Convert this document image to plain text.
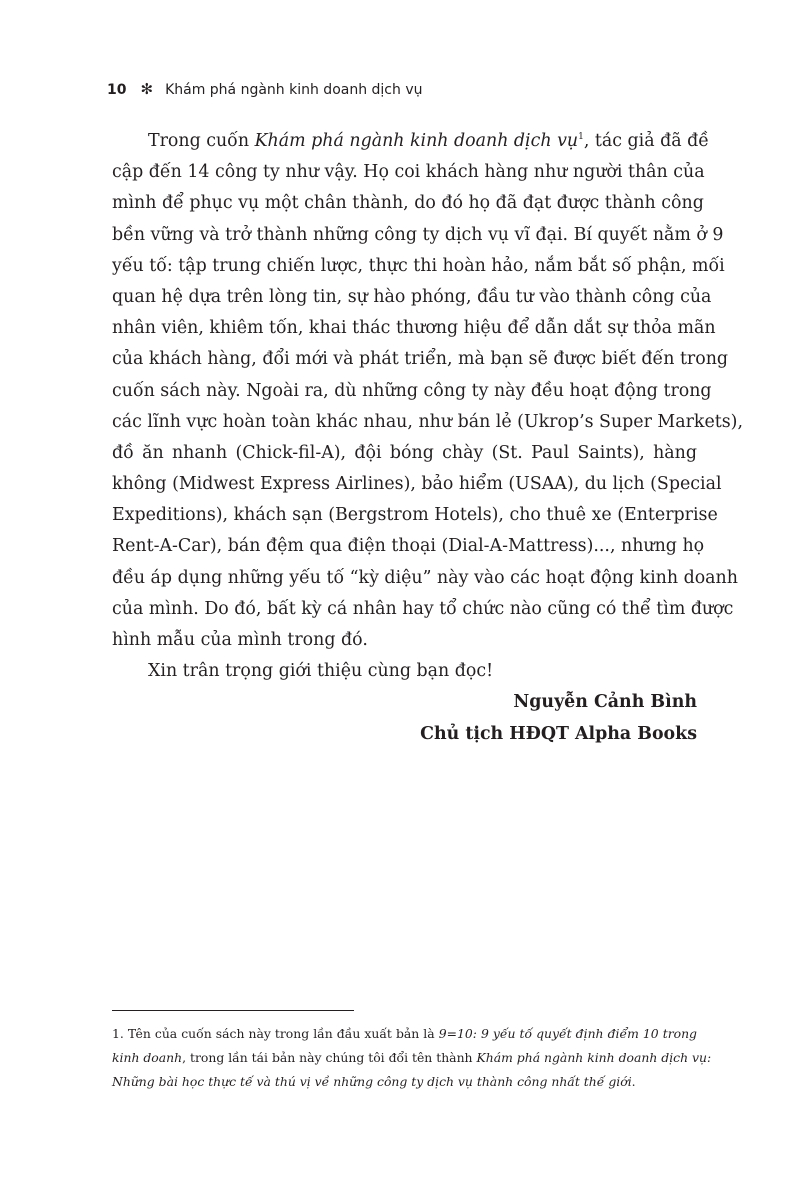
10 ✻ Khám phá ngành kinh doanh dịch vụ
Trong cuốn Khám phá ngành kinh doanh dịch vụ$^1$, tác giả đã đề
cập đến 14 công ty như vậy. Họ coi khách hàng như người thân của
mình để phục vụ một chân thành, do đó họ đã đạt được thành công
bền vững và trở thành những công ty dịch vụ vĩ đại. Bí quyết nằm ở 9
yếu tố: tập trung chiến lược, thực thi hoàn hảo, nắm bắt số phận, mối
quan hệ dựa trên lòng tin, sự hào phóng, đầu tư vào thành công của
nhân viên, khiêm tốn, khai thác thương hiệu để dẫn dắt sự thỏa mãn
của khách hàng, đổi mới và phát triển, mà bạn sẽ được biết đến trong
cuốn sách này. Ngoài ra, dù những công ty này đều hoạt động trong
các lĩnh vực hoàn toàn khác nhau, như bán lẻ (Ukrop’s Super Markets),
đồ ăn nhanh (Chick-fil-A), đội bóng chày (St. Paul Saints), hàng
không (Midwest Express Airlines), bảo hiểm (USAA), du lịch (Special
Expeditions), khách sạn (Bergstrom Hotels), cho thuê xe (Enterprise
Rent-A-Car), bán đệm qua điện thoại (Dial-A-Mattress)..., nhưng họ
đều áp dụng những yếu tố “kỳ diệu” này vào các hoạt động kinh doanh
của mình. Do đó, bất kỳ cá nhân hay tổ chức nào cũng có thể tìm được
hình mẫu của mình trong đó.
Xin trân trọng giới thiệu cùng bạn đọc!
Nguyễn Cảnh Bình
Chủ tịch HĐQT Alpha Books
1. Tên của cuốn sách này trong lần đầu xuất bản là 9=10: 9 yếu tố quyết định điểm 10 trong
kinh doanh, trong lần tái bản này chúng tôi đổi tên thành Khám phá ngành kinh doanh dịch vụ:
Những bài học thực tế và thú vị về những công ty dịch vụ thành công nhất thế giới.
